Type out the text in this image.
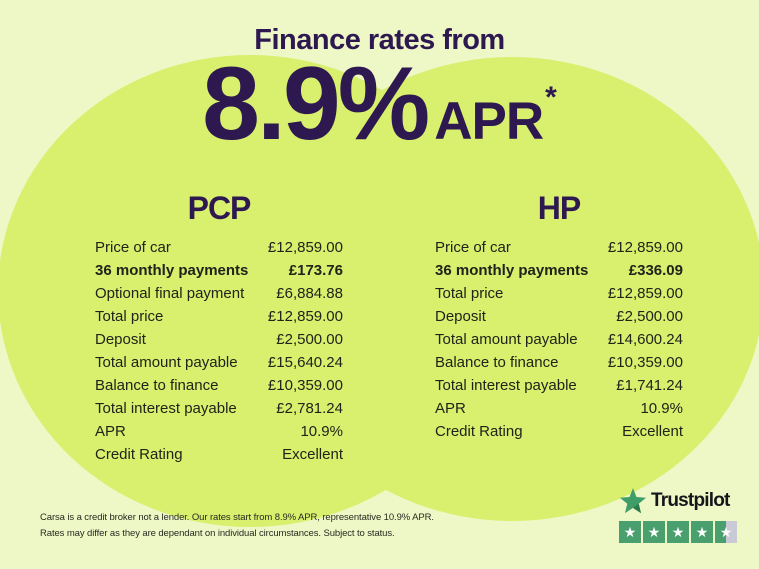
Finance rates from
8.9% APR *
PCP
Price of car	£12,859.00
36 monthly payments	£173.76
Optional final payment £6,884.88
Total price	£12,859.00
Deposit	£2,500.00
Total amount payable £15,640.24
Balance to finance	£10,359.00
Total interest payable	£2,781.24
APR	10.9%
Credit Rating	Excellent
HP
Price of car	£12,859.00
36 monthly payments	£336.09
Total price	£12,859.00
Deposit	£2,500.00
Total amount payable £14,600.24
Balance to finance	£10,359.00
Total interest payable	£1,741.24
APR	10.9%
Credit Rating	Excellent

Carsa is a credit broker not a lender. Our rates start from 8.9% APR, representative 10.9% APR.
Rates may differ as they are dependant on individual circumstances. Subject to status.

Trustpilot
★ ★ ★ ★ ★
